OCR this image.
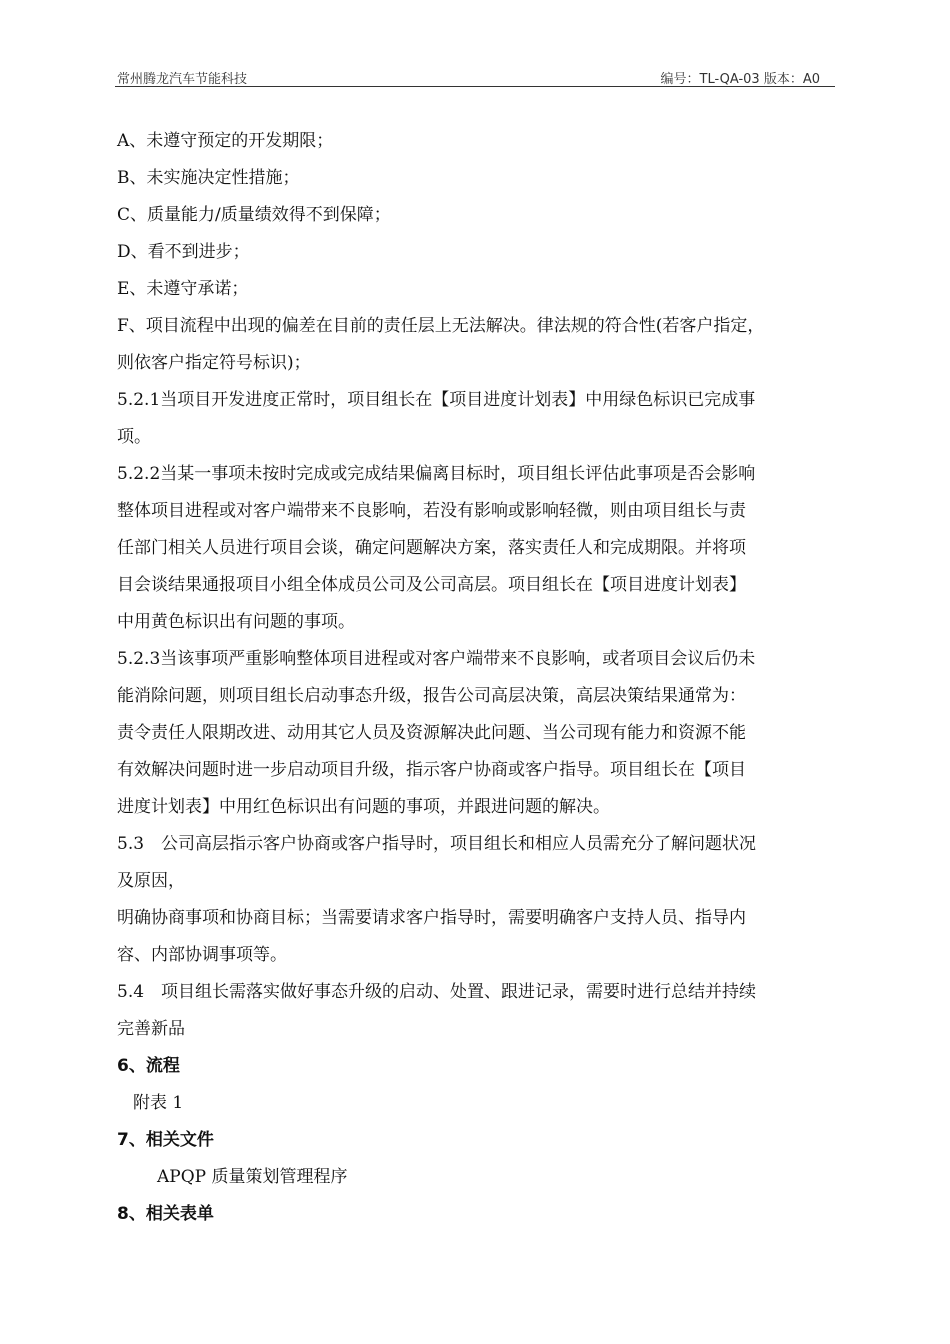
常州腾龙汽车节能科技	编号：TL-QA-03 版本：A0
A、未遵守预定的开发期限；
B、未实施决定性措施；
C、质量能力/质量绩效得不到保障；
D、看不到进步；
E、未遵守承诺；
F、项目流程中出现的偏差在目前的责任层上无法解决。律法规的符合性(若客户指定，
则依客户指定符号标识)；
5.2.1当项目开发进度正常时，项目组长在【项目进度计划表】中用绿色标识已完成事
项。
5.2.2当某一事项未按时完成或完成结果偏离目标时，项目组长评估此事项是否会影响
整体项目进程或对客户端带来不良影响，若没有影响或影响轻微，则由项目组长与责
任部门相关人员进行项目会谈，确定问题解决方案，落实责任人和完成期限。并将项
目会谈结果通报项目小组全体成员公司及公司高层。项目组长在【项目进度计划表】
中用黄色标识出有问题的事项。
5.2.3当该事项严重影响整体项目进程或对客户端带来不良影响，或者项目会议后仍未
能消除问题，则项目组长启动事态升级，报告公司高层决策，高层决策结果通常为：
责令责任人限期改进、动用其它人员及资源解决此问题、当公司现有能力和资源不能
有效解决问题时进一步启动项目升级，指示客户协商或客户指导。项目组长在【项目
进度计划表】中用红色标识出有问题的事项，并跟进问题的解决。
5.3　公司高层指示客户协商或客户指导时，项目组长和相应人员需充分了解问题状况
及原因，
明确协商事项和协商目标；当需要请求客户指导时，需要明确客户支持人员、指导内
容、内部协调事项等。
5.4　项目组长需落实做好事态升级的启动、处置、跟进记录，需要时进行总结并持续
完善新品
6、流程
附表 1
7、相关文件
APQP 质量策划管理程序
8、相关表单
